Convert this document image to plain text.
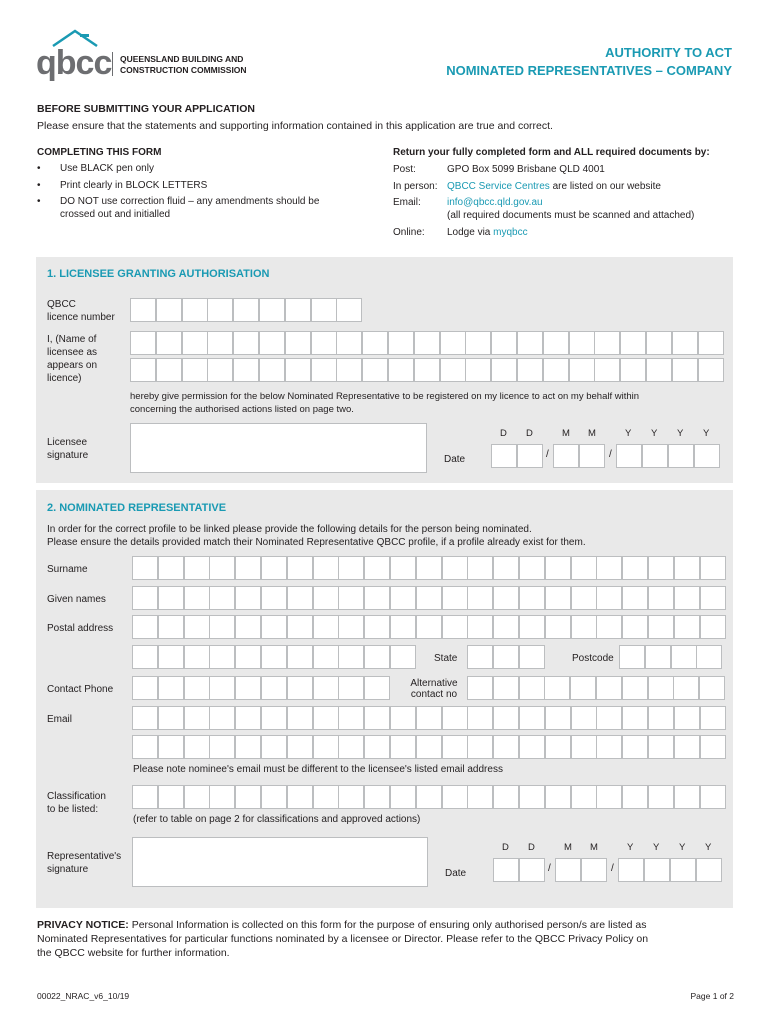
qbcc QUEENSLAND BUILDING AND
CONSTRUCTION COMMISSION
AUTHORITY TO ACT
NOMINATED REPRESENTATIVES – COMPANY
BEFORE SUBMITTING YOUR APPLICATION
Please ensure that the statements and supporting information contained in this application are true and correct.
COMPLETING THIS FORM
• Use BLACK pen only
• Print clearly in BLOCK LETTERS
• DO NOT use correction fluid – any amendments should be
crossed out and initialled
Return your fully completed form and ALL required documents by:
Post:	GPO Box 5099 Brisbane QLD 4001
In person: QBCC Service Centres are listed on our website
Email:	info@qbcc.qld.gov.au
(all required documents must be scanned and attached)
Online: Lodge via myqbcc
1. LICENSEE GRANTING AUTHORISATION
QBCC
licence number
I, (Name of
licensee as
appears on
licence)
hereby give permission for the below Nominated Representative to be registered on my licence to act on my behalf within
concerning the authorised actions listed on page two.
Licensee
signature	Date
D D	M M	Y Y Y Y
/	/
2. NOMINATED REPRESENTATIVE
In order for the correct profile to be linked please provide the following details for the person being nominated.
Please ensure the details provided match their Nominated Representative QBCC profile, if a profile already exist for them.
Surname
Given names
Postal address
State	Postcode
Contact Phone
Alternative
contact no
Email
Please note nominee's email must be different to the licensee's listed email address
Classification
to be listed:
(refer to table on page 2 for classifications and approved actions)
Representative's
signature	Date
D D	M M	Y Y Y Y
/	/
PRIVACY NOTICE: Personal Information is collected on this form for the purpose of ensuring only authorised person/s are listed as
Nominated Representatives for particular functions nominated by a licensee or Director. Please refer to the QBCC Privacy Policy on
the QBCC website for further information.
00022_NRAC_v6_10/19	Page 1 of 2
